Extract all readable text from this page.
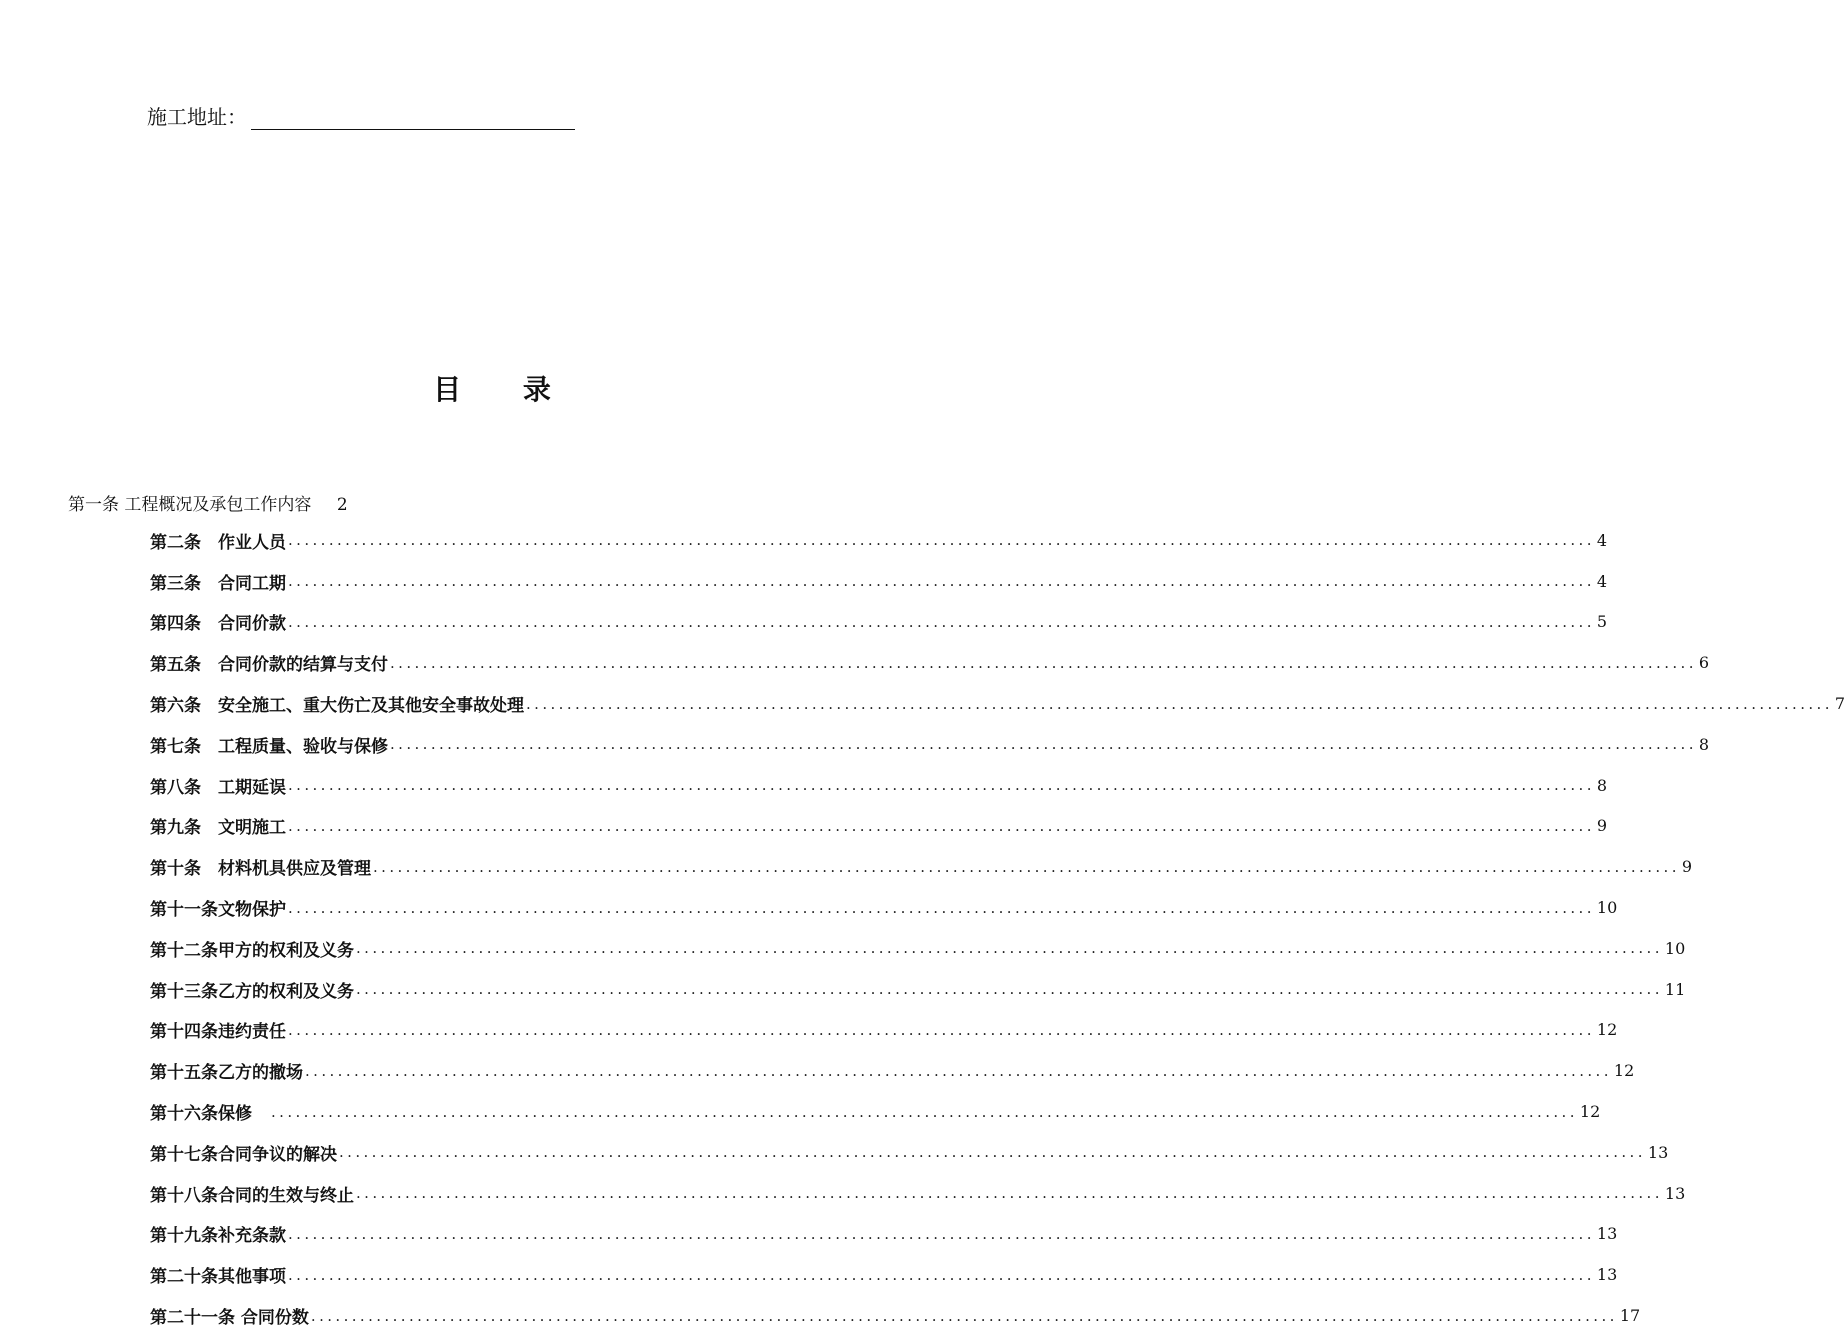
施工地址：
目 录
第一条 工程概况及承包工作内容 2
第二条　作业人员 ................................................................................................................................................................ 4
第三条　合同工期 ................................................................................................................................................................ 4
第四条　合同价款 ................................................................................................................................................................ 5
第五条　合同价款的结算与支付 ................................................................................................................................................................ 6
第六条　安全施工、重大伤亡及其他安全事故处理 ................................................................................................................................................................ 7
第七条　工程质量、验收与保修 ................................................................................................................................................................ 8
第八条　工期延误 ................................................................................................................................................................ 8
第九条　文明施工 ................................................................................................................................................................ 9
第十条　材料机具供应及管理 ................................................................................................................................................................ 9
第十一条文物保护 ................................................................................................................................................................ 10
第十二条甲方的权利及义务 ................................................................................................................................................................ 10
第十三条乙方的权利及义务 ................................................................................................................................................................ 11
第十四条违约责任 ................................................................................................................................................................ 12
第十五条乙方的撤场 ................................................................................................................................................................ 12
第十六条保修　 ................................................................................................................................................................ 12
第十七条合同争议的解决 ................................................................................................................................................................ 13
第十八条合同的生效与终止 ................................................................................................................................................................ 13
第十九条补充条款 ................................................................................................................................................................ 13
第二十条其他事项 ................................................................................................................................................................ 13
第二十一条 合同份数 ................................................................................................................................................................ 17
